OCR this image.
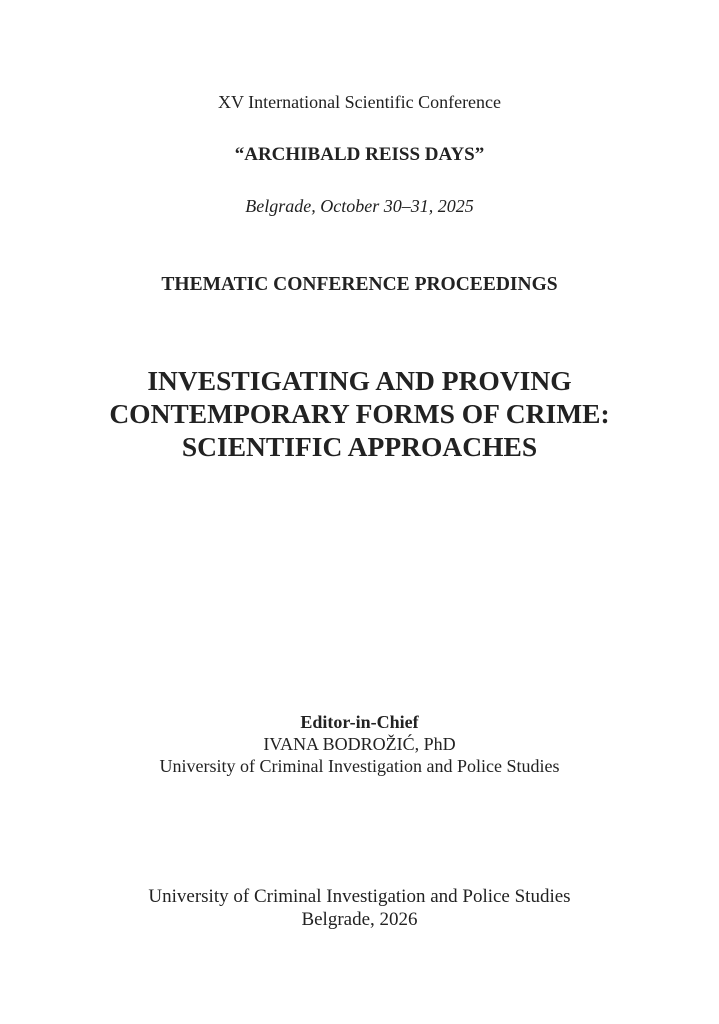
XV International Scientific Conference
“ARCHIBALD REISS DAYS”
Belgrade, October 30–31, 2025
THEMATIC CONFERENCE PROCEEDINGS
INVESTIGATING AND PROVING
CONTEMPORARY FORMS OF CRIME:
SCIENTIFIC APPROACHES
Editor-in-Chief
IVANA BODROŽIĆ, PhD
University of Criminal Investigation and Police Studies
University of Criminal Investigation and Police Studies
Belgrade, 2026
